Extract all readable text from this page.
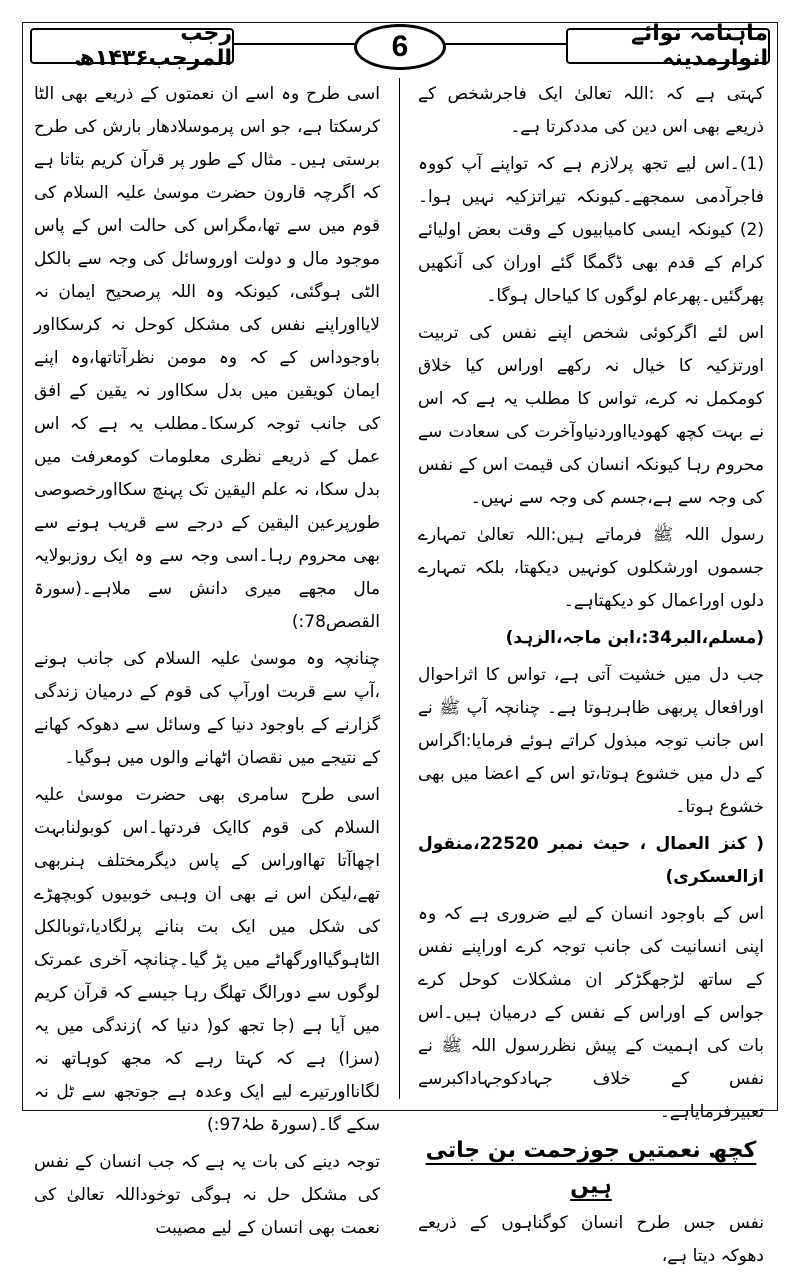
ماہنامہ نوائے انوارمدینہ
6
رجب المرجب۱۴۳۶ھ

کہتی ہے کہ :اللہ تعالیٰ ایک فاجرشخص کے ذریعے بھی اس دین کی مددکرتا ہے۔

(1)۔اس لیے تجھ پرلازم ہے کہ تواپنے آپ کووہ فاجرآدمی سمجھے۔کیونکہ تیراتزکیہ نہیں ہوا۔(2) کیونکہ ایسی کامیابیوں کے وقت بعض اولیائے کرام کے قدم بھی ڈگمگا گئے اوران کی آنکھیں پھرگئیں۔پھرعام لوگوں کا کیاحال ہوگا۔

اس لئے اگرکوئی شخص اپنے نفس کی تربیت اورتزکیہ کا خیال نہ رکھے اوراس کیا خلاق کومکمل نہ کرے، تواس کا مطلب یہ ہے کہ اس نے بہت کچھ کھودیااوردنیاوآخرت کی سعادت سے محروم رہا کیونکہ انسان کی قیمت اس کے نفس کی وجہ سے ہے،جسم کی وجہ سے نہیں۔

رسول اللہ ﷺ فرماتے ہیں:اللہ تعالیٰ تمہارے جسموں اورشکلوں کونہیں دیکھتا، بلکہ تمہارے دلوں اوراعمال کو دیکھتاہے۔

(مسلم،البر34:،ابن ماجہ،الزہد)

جب دل میں خشیت آتی ہے، تواس کا اثراحوال اورافعال پربھی ظاہرہوتا ہے۔ چنانچہ آپ ﷺ نے اس جانب توجہ مبذول کراتے ہوئے فرمایا:اگراس کے دل میں خشوع ہوتا،تو اس کے اعضا میں بھی خشوع ہوتا۔

( کنز العمال ، حیث نمبر 22520،منقول ازالعسکری)

اس کے باوجود انسان کے لیے ضروری ہے کہ وہ اپنی انسانیت کی جانب توجہ کرے اوراپنے نفس کے ساتھ لڑجھگڑکر ان مشکلات کوحل کرے جواس کے اوراس کے نفس کے درمیان ہیں۔اس بات کی اہمیت کے پیش نظررسول اللہ ﷺ نے نفس کے خلاف جہادکوجہاداکبرسے تعبیرفرمایاہے۔

کچھ نعمتیں جوزحمت بن جاتی ہیں

نفس جس طرح انسان کوگناہوں کے ذریعے دھوکہ دیتا ہے،

اسی طرح وہ اسے ان نعمتوں کے ذریعے بھی الٹا کرسکتا ہے، جو اس پرموسلادھار بارش کی طرح برستی ہیں۔ مثال کے طور پر قرآن کریم بتاتا ہے کہ اگرچہ قارون حضرت موسیٰ علیہ السلام کی قوم میں سے تھا،مگراس کی حالت اس کے پاس موجود مال و دولت اوروسائل کی وجہ سے بالکل الٹی ہوگئی، کیونکہ وہ اللہ پرصحیح ایمان نہ لایااوراپنے نفس کی مشکل کوحل نہ کرسکااور باوجوداس کے کہ وہ مومن نظرآتاتھا،وہ اپنے ایمان کویقین میں بدل سکااور نہ یقین کے افق کی جانب توجہ کرسکا۔مطلب یہ ہے کہ اس عمل کے ذریعے نظری معلومات کومعرفت میں بدل سکا، نہ علم الیقین تک پہنچ سکااورخصوصی طورپرعین الیقین کے درجے سے قریب ہونے سے بھی محروم رہا۔اسی وجہ سے وہ ایک روزبولایہ مال مجھے میری دانش سے ملاہے۔(سورۃ القصص78:)

چنانچہ وہ موسیٰ علیہ السلام کی جانب ہونے ،آپ سے قربت اورآپ کی قوم کے درمیان زندگی گزارنے کے باوجود دنیا کے وسائل سے دھوکہ کھانے کے نتیجے میں نقصان اٹھانے والوں میں ہوگیا۔

اسی طرح سامری بھی حضرت موسیٰ علیہ السلام کی قوم کاایک فردتھا۔اس کوبولنابہت اچھاآتا تھااوراس کے پاس دیگرمختلف ہنربھی تھے،لیکن اس نے بھی ان وہبی خوبیوں کوبچھڑے کی شکل میں ایک بت بنانے پرلگادیا،توبالکل الٹاہوگیااورگھاٹے میں پڑ گیا۔چنانچہ آخری عمرتک لوگوں سے دورالگ تھلگ رہا جیسے کہ قرآن کریم میں آیا ہے (جا تجھ کو( دنیا کہ )زندگی میں یہ (سزا) ہے کہ کہتا رہے کہ مجھ کوہاتھ نہ لگانااورتیرے لیے ایک وعدہ ہے جوتجھ سے ٹل نہ سکے گا۔(سورۃ طہٰ97:)

توجہ دینے کی بات یہ ہے کہ جب انسان کے نفس کی مشکل حل نہ ہوگی توخوداللہ تعالیٰ کی نعمت بھی انسان کے لیے مصیبت
